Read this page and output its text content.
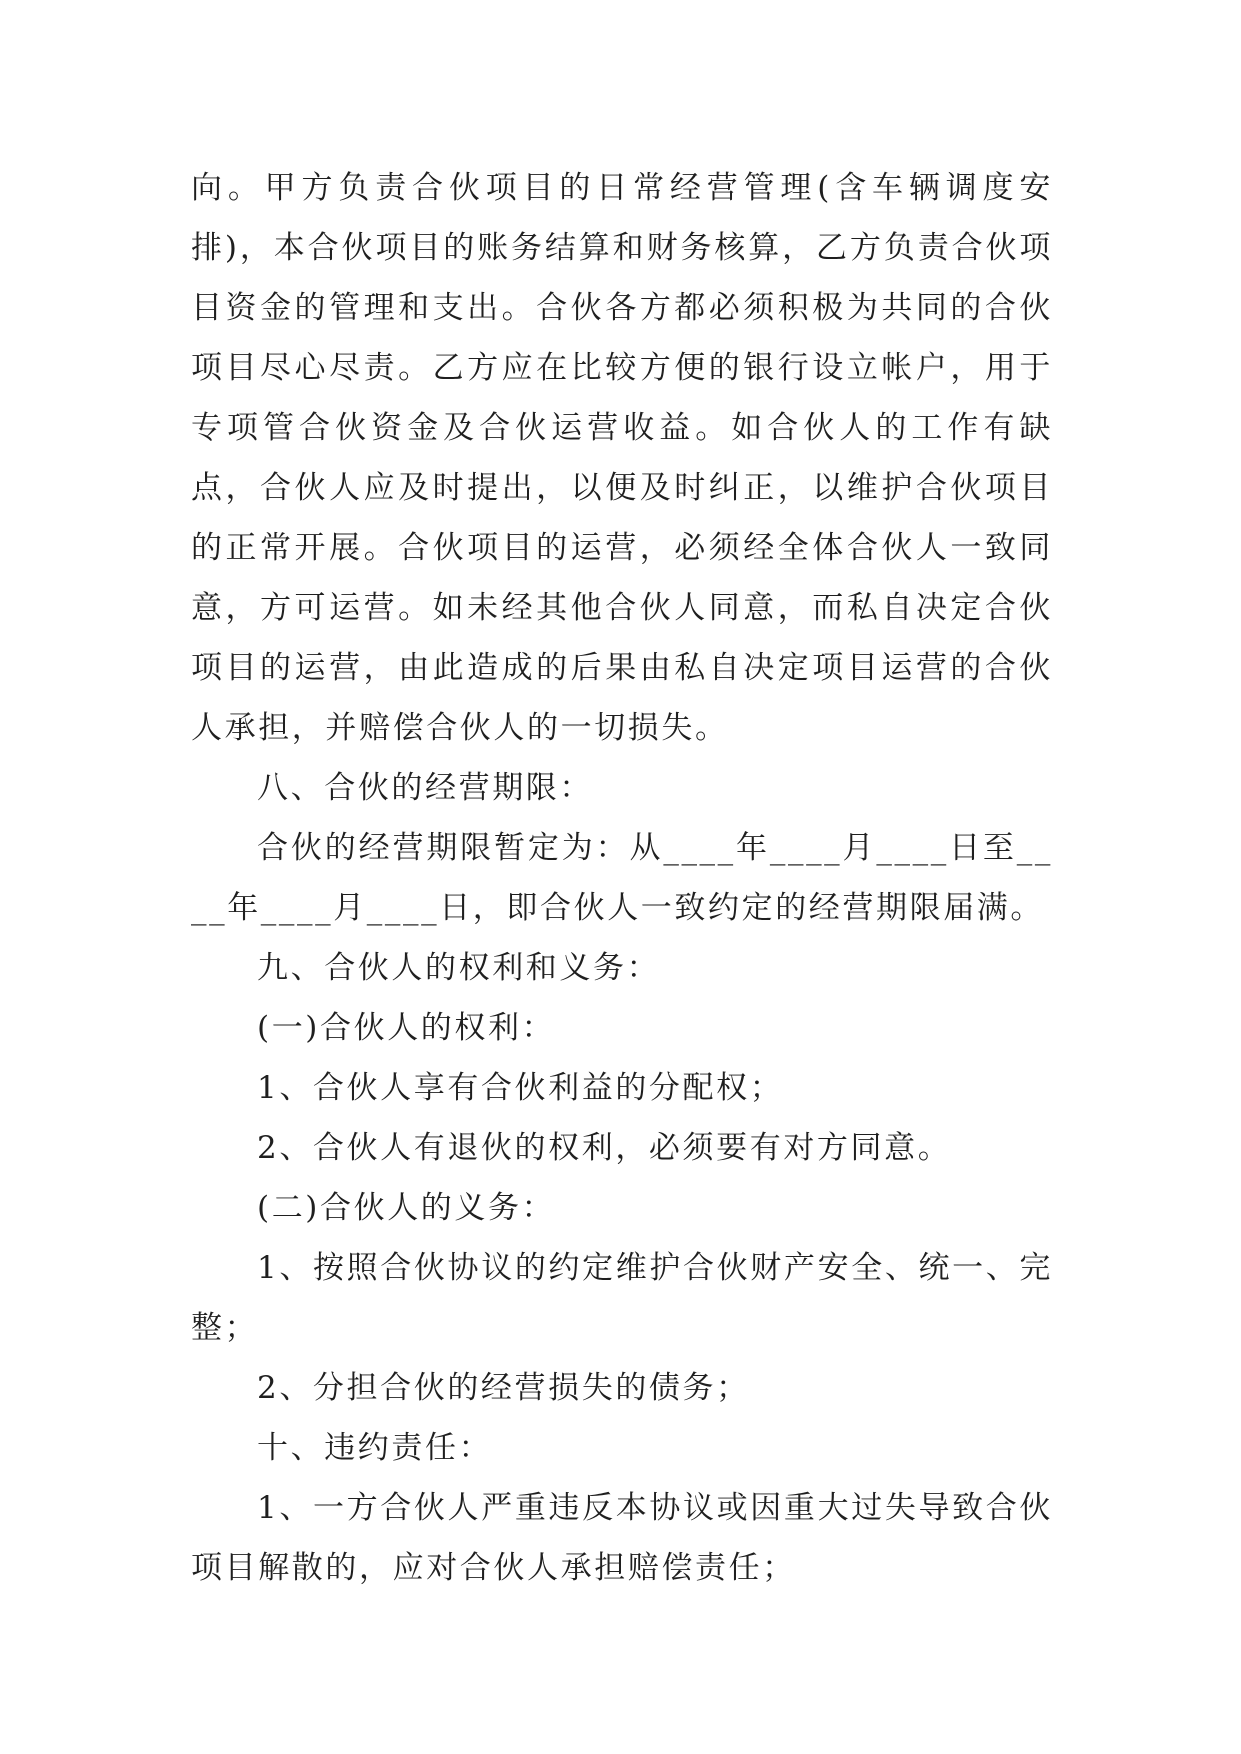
向。甲方负责合伙项目的日常经营管理(含车辆调度安排)，本合伙项目的账务结算和财务核算，乙方负责合伙项目资金的管理和支出。合伙各方都必须积极为共同的合伙项目尽心尽责。乙方应在比较方便的银行设立帐户，用于专项管合伙资金及合伙运营收益。如合伙人的工作有缺点，合伙人应及时提出，以便及时纠正，以维护合伙项目的正常开展。合伙项目的运营，必须经全体合伙人一致同意，方可运营。如未经其他合伙人同意，而私自决定合伙项目的运营，由此造成的后果由私自决定项目运营的合伙人承担，并赔偿合伙人的一切损失。

八、合伙的经营期限：

合伙的经营期限暂定为：从____年____月____日至____年____月____日，即合伙人一致约定的经营期限届满。

九、合伙人的权利和义务：

(一)合伙人的权利：

1、合伙人享有合伙利益的分配权；

2、合伙人有退伙的权利，必须要有对方同意。

(二)合伙人的义务：

1、按照合伙协议的约定维护合伙财产安全、统一、完整；

2、分担合伙的经营损失的债务；

十、违约责任：

1、一方合伙人严重违反本协议或因重大过失导致合伙项目解散的，应对合伙人承担赔偿责任；
